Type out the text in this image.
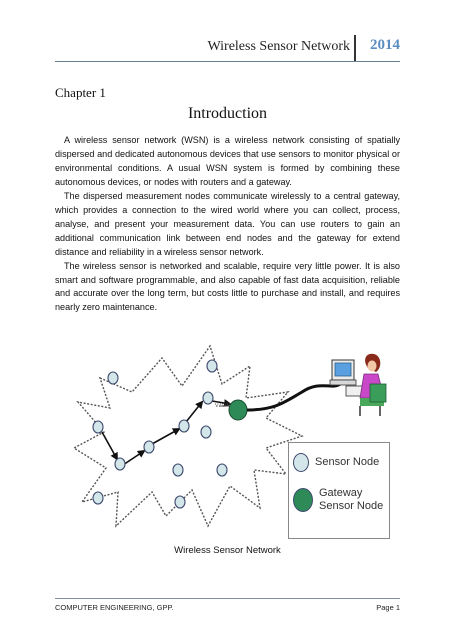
Wireless Sensor Network 2014
Chapter 1
Introduction

A wireless sensor network (WSN) is a wireless network consisting of spatially dispersed and dedicated autonomous devices that use sensors to monitor physical or environmental conditions. A usual WSN system is formed by combining these autonomous devices, or nodes with routers and a gateway.

The dispersed measurement nodes communicate wirelessly to a central gateway, which provides a connection to the wired world where you can collect, process, analyse, and present your measurement data. You can use routers to gain an additional communication link between end nodes and the gateway for extend distance and reliability in a wireless sensor network.

The wireless sensor is networked and scalable, require very little power. It is also smart and software programmable, and also capable of fast data acquisition, reliable and accurate over the long term, but costs little to purchase and install, and requires nearly zero maintenance.

Sensor Node
Gateway
Sensor Node
Wireless Sensor Network
COMPUTER ENGINEERING, GPP.	Page 1
